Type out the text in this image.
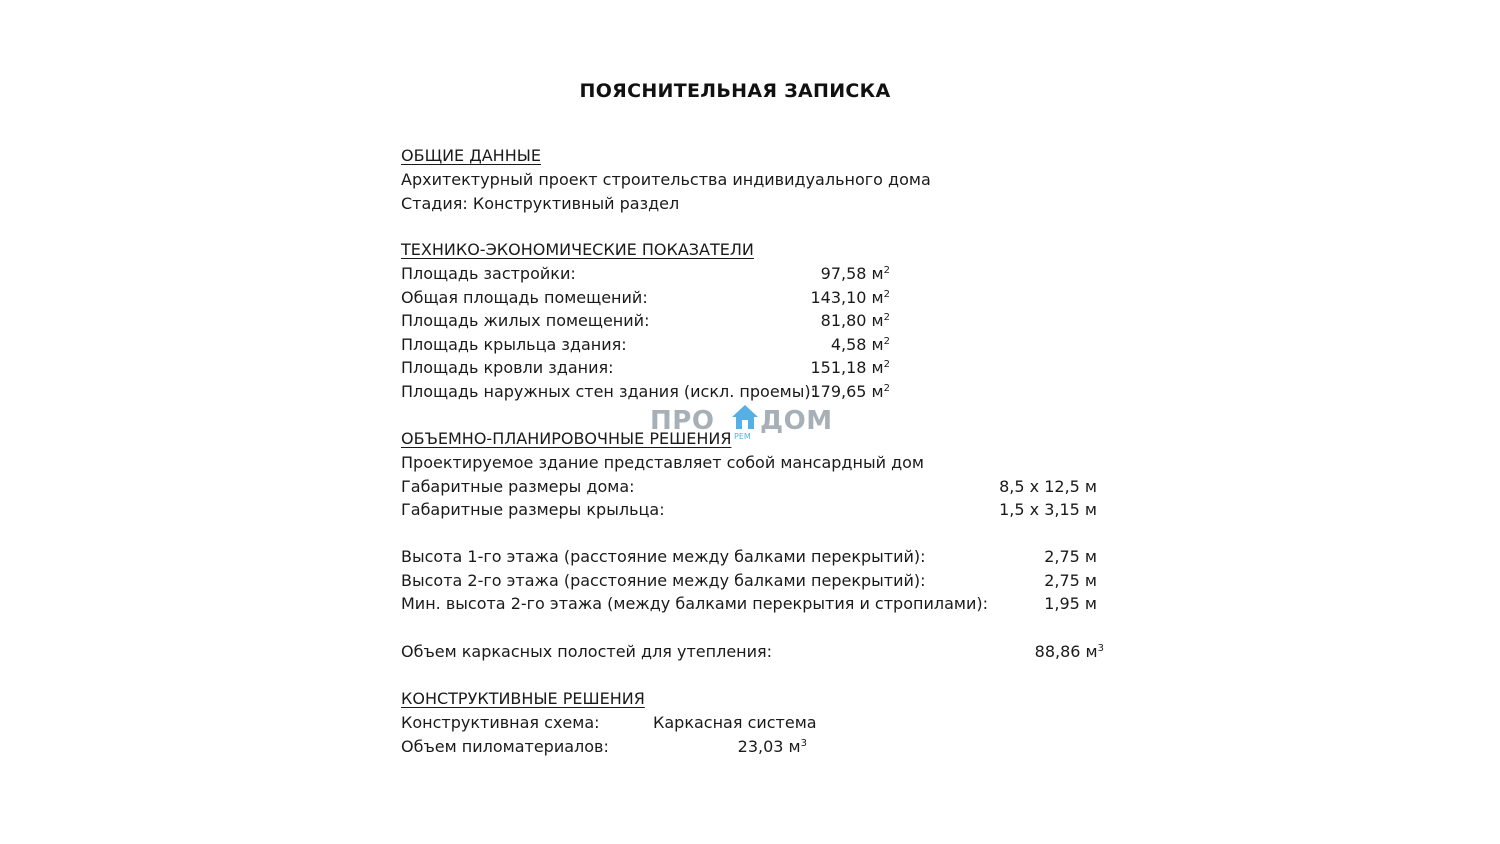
ПОЯСНИТЕЛЬНАЯ ЗАПИСКА
ОБЩИЕ ДАННЫЕ
Архитектурный проект строительства индивидуального дома
Стадия: Конструктивный раздел
ТЕХНИКО-ЭКОНОМИЧЕСКИЕ ПОКАЗАТЕЛИ
Площадь застройки:	97,58 $м^2$
Общая площадь помещений:	143,10 $м^2$
Площадь жилых помещений:	81,80 $м^2$
Площадь крыльца здания:	4,58 $м^2$
Площадь кровли здания:	151,18 $м^2$
Площадь наружных стен здания (искл. проемы):
179,65 $м^2$
ПРО ДОМ
РЕМ
ОБЪЕМНО-ПЛАНИРОВОЧНЫЕ РЕШЕНИЯ
Проектируемое здание представляет собой мансардный дом
Габаритные размеры дома:	8,5 х 12,5 м
Габаритные размеры крыльца:	1,5 х 3,15 м
Высота 1-го этажа (расстояние между балками перекрытий):	2,75 м
Высота 2-го этажа (расстояние между балками перекрытий):	2,75 м
Мин. высота 2-го этажа (между балками перекрытия и стропилами):	1,95 м
Объем каркасных полостей для утепления:	88,86 $м^3$
КОНСТРУКТИВНЫЕ РЕШЕНИЯ
Конструктивная схема:	Каркасная система
Объем пиломатериалов:	23,03 $м^3$
